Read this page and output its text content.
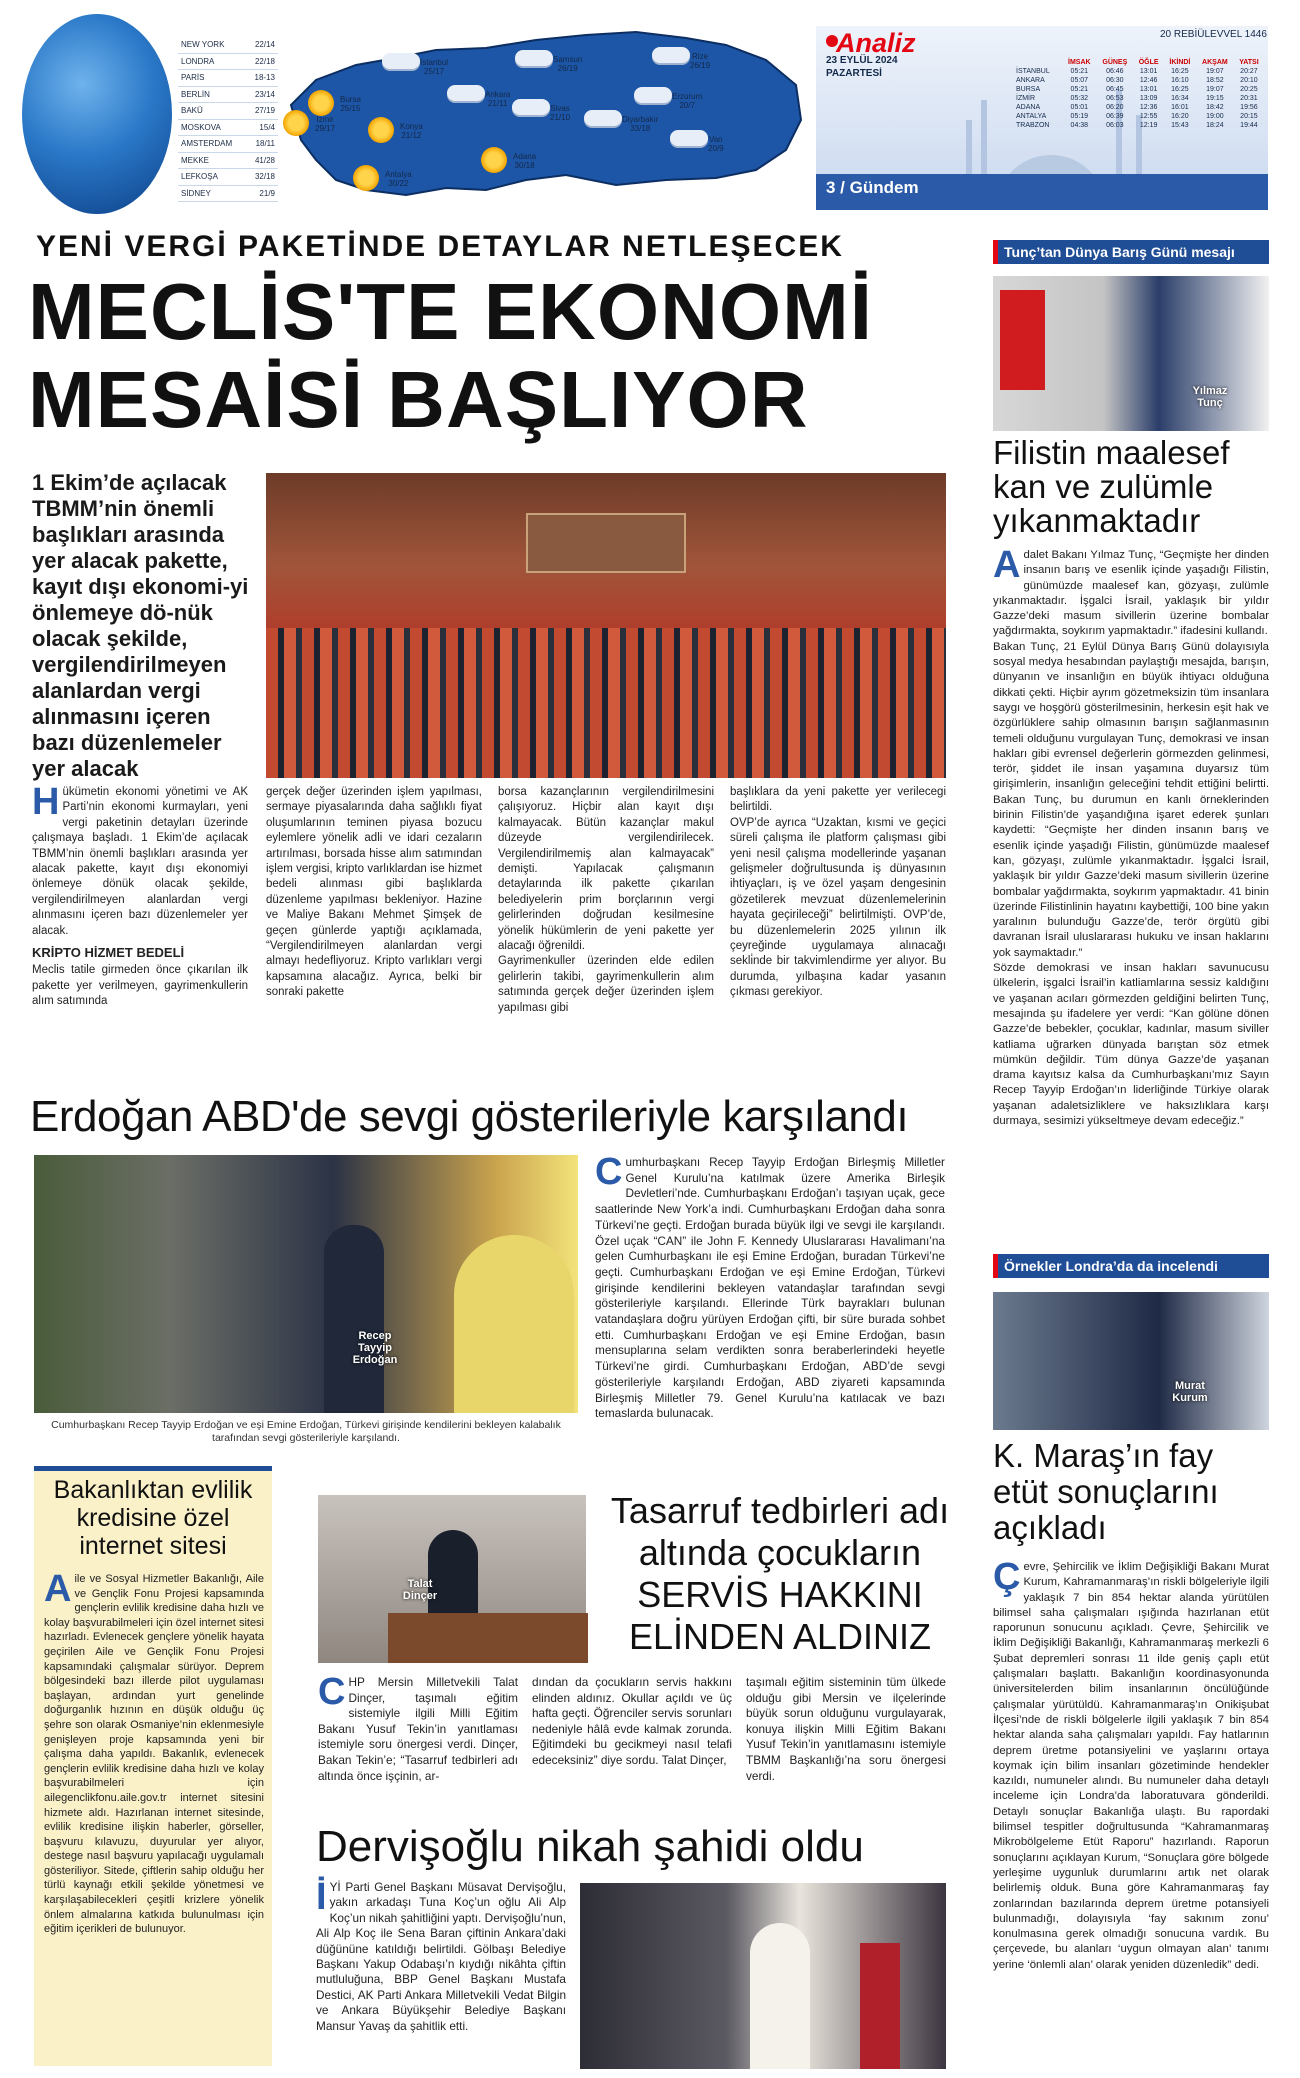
NEW YORK	22/14
LONDRA	22/18
PARİS	18-13
BERLİN	23/14
BAKÜ	27/19
MOSKOVA	15/4
AMSTERDAM	18/11
MEKKE	41/28
LEFKOŞA	32/18
SİDNEY	21/9
İstanbul
25/17
Samsun
26/19
Rize
26/19
Bursa
25/15
Ankara
21/11
Erzurum
20/7
İzmir
29/17	Konya
21/12
Sivas
21/10	Diyarbakır
33/18
Van
20/9
Antalya
30/22
Adana
30/18
Analiz
23 EYLÜL 2024
PAZARTESİ
20 REBİÜLEVVEL 1446
	İMSAK	GÜNEŞ	ÖĞLE	İKİNDİ	AKŞAM	YATSI
İSTANBUL	05:21	06:46	13:01	16:25	19:07	20:27
ANKARA	05:07	06:30	12:46	16:10	18:52	20:10
BURSA	05:21	06:45	13:01	16:25	19:07	20:25
İZMİR	05:32	06:53	13:09	16:34	19:15	20:31
ADANA	05:01	06:20	12:36	16:01	18:42	19:56
ANTALYA	05:19	06:39	12:55	16:20	19:00	20:15
TRABZON	04:38	06:03	12:19	15:43	18:24	19:44
3 / Gündem
YENİ VERGİ PAKETİNDE DETAYLAR NETLEŞECEK
MECLİS'TE EKONOMİ
MESAİSİ BAŞLIYOR
1 Ekim’de açılacak TBMM’nin önemli başlıkları arasında yer alacak pakette, kayıt dışı ekonomi-yi önlemeye dö-nük olacak şekilde, vergilendirilmeyen alanlardan vergi alınmasını içeren bazı düzenlemeler yer alacak
Hükümetin ekonomi yönetimi ve AK Parti’nin ekonomi kurmayları, yeni vergi paketinin detayları üzerinde çalışmaya başladı. 1 Ekim’de açılacak TBMM’nin önemli başlıkları arasında yer alacak pakette, kayıt dışı ekonomiyi önlemeye dönük olacak şekilde, vergilendirilmeyen alanlardan vergi alınmasını içeren bazı düzenlemeler yer alacak.
KRİPTO HİZMET BEDELİ
Meclis tatile girmeden önce çıkarılan ilk pakette yer verilmeyen, gayrimenkullerin alım satımında
gerçek değer üzerinden işlem yapılması, sermaye piyasalarında daha sağlıklı fiyat oluşumlarının teminen piyasa bozucu eylemlere yönelik adli ve idari cezaların artırılması, borsada hisse alım satımından işlem vergisi, kripto varlıklardan ise hizmet bedeli alınması gibi başlıklarda düzenleme yapılması bekleniyor. Hazine ve Maliye Bakanı Mehmet Şimşek de geçen günlerde yaptığı açıklamada, “Vergilendirilmeyen alanlardan vergi almayı hedefliyoruz. Kripto varlıkları vergi kapsamına alacağız. Ayrıca, belki bir sonraki pakette
borsa kazançlarının vergilendirilmesini çalışıyoruz. Hiçbir alan kayıt dışı kalmayacak. Bütün kazançlar makul düzeyde vergilendirilecek. Vergilendirilmemiş alan kalmayacak” demişti. Yapılacak çalışmanın detaylarında ilk pakette çıkarılan belediyelerin prim borçlarının vergi gelirlerinden doğrudan kesilmesine yönelik hükümlerin de yeni pakette yer alacağı öğrenildi.
Gayrimenkuller üzerinden elde edilen gelirlerin takibi, gayrimenkullerin alım satımında gerçek değer üzerinden işlem yapılması gibi
başlıklara da yeni pakette yer verilecegi belirtildi.
OVP’de ayrıca “Uzaktan, kısmi ve geçici süreli çalışma ile platform çalışması gibi yeni nesil çalışma modellerinde yaşanan gelişmeler doğrultusunda iş dünyasının ihtiyaçları, iş ve özel yaşam dengesinin gözetilerek mevzuat düzenlemelerinin hayata geçirileceği” belirtilmişti. OVP’de, bu düzenlemelerin 2025 yılının ilk çeyreğinde uygulamaya alınacağı sekli̇nde bir takvimlendirme yer alıyor. Bu durumda, yılbaşına kadar yasanın çıkması gerekiyor.
Tunç’tan Dünya Barış Günü mesajı
Yılmaz
Tunç
Filistin maalesef kan ve zulümle yıkanmaktadır
Adalet Bakanı Yılmaz Tunç, “Geçmişte her dinden insanın barış ve esenlik içinde yaşadığı Filistin, günümüzde maalesef kan, gözyaşı, zulümle yıkanmaktadır. İşgalci İsrail, yaklaşık bir yıldır Gazze’deki masum sivillerin üzerine bombalar yağdırmakta, soykırım yapmaktadır.” ifadesini kullandı.
Bakan Tunç, 21 Eylül Dünya Barış Günü dolayısıyla sosyal medya hesabından paylaştığı mesajda, barışın, dünyanın ve insanlığın en büyük ihtiyacı olduğuna dikkati çekti. Hiçbir ayrım gözetmeksizin tüm insanlara saygı ve hoşgörü gösterilmesinin, herkesin eşit hak ve özgürlüklere sahip olmasının barışın sağlanmasının temeli olduğunu vurgulayan Tunç, demokrasi ve insan hakları gibi evrensel değerlerin görmezden gelinmesi, terör, şiddet ile insan yaşamına duyarsız tüm girişimlerin, insanlığın geleceğini tehdit ettiğini belirtti. Bakan Tunç, bu durumun en kanlı örneklerinden birinin Filistin’de yaşandığına işaret ederek şunları kaydetti: “Geçmişte her dinden insanın barış ve esenlik içinde yaşadığı Filistin, günümüzde maalesef kan, gözyaşı, zulümle yıkanmaktadır. İşgalci İsrail, yaklaşık bir yıldır Gazze’deki masum sivillerin üzerine bombalar yağdırmakta, soykırım yapmaktadır. 41 binin üzerinde Filistinlinin hayatını kaybettiği, 100 bine yakın yaralının bulunduğu Gazze’de, terör örgütü gibi davranan İsrail uluslararası hukuku ve insan haklarını yok saymaktadır.”
Sözde demokrasi ve insan hakları savunucusu ülkelerin, işgalci İsrail’in katliamlarına sessiz kaldığını ve yaşanan acıları görmezden geldiğini belirten Tunç, mesajında şu ifadelere yer verdi: “Kan gölüne dönen Gazze’de bebekler, çocuklar, kadınlar, masum siviller katliama uğrarken dünyada barıştan söz etmek mümkün değildir. Tüm dünya Gazze’de yaşanan drama kayıtsız kalsa da Cumhurbaşkanı’mız Sayın Recep Tayyip Erdoğan’ın liderliğinde Türkiye olarak yaşanan adaletsizliklere ve haksızlıklara karşı durmaya, sesimizi yükseltmeye devam edeceğiz.”
Erdoğan ABD'de sevgi gösterileriyle karşılandı
Recep
Tayyip
Erdoğan
Cumhurbaşkanı Recep Tayyip Erdoğan ve eşi Emine Erdoğan, Türkevi girişinde kendilerini bekleyen kalabalık tarafından sevgi gösterileriyle karşılandı.
Cumhurbaşkanı Recep Tayyip Erdoğan Birleşmiş Milletler Genel Kurulu’na katılmak üzere Amerika Birleşik Devletleri’nde. Cumhurbaşkanı Erdoğan’ı taşıyan uçak, gece saatlerinde New York’a indi. Cumhurbaşkanı Erdoğan daha sonra Türkevi’ne geçti. Erdoğan burada büyük ilgi ve sevgi ile karşılandı. Özel uçak “CAN” ile John F. Kennedy Uluslararası Havalimanı’na gelen Cumhurbaşkanı ile eşi Emine Erdoğan, buradan Türkevi’ne geçti. Cumhurbaşkanı Erdoğan ve eşi Emine Erdoğan, Türkevi girişinde kendilerini bekleyen vatandaşlar tarafından sevgi gösterileriyle karşılandı. Ellerinde Türk bayrakları bulunan vatandaşlara doğru yürüyen Erdoğan çifti, bir süre burada sohbet etti. Cumhurbaşkanı Erdoğan ve eşi Emine Erdoğan, basın mensuplarına selam verdikten sonra beraberlerindeki heyetle Türkevi’ne girdi. Cumhurbaşkanı Erdoğan, ABD’de sevgi gösterileriyle karşılandı Erdoğan, ABD ziyareti kapsamında Birleşmiş Milletler 79. Genel Kurulu’na katılacak ve bazı temaslarda bulunacak.
Örnekler Londra’da da incelendi
Murat
Kurum
K. Maraş’ın fay etüt sonuçlarını açıkladı
Çevre, Şehircilik ve İklim Değişikliği Bakanı Murat Kurum, Kahramanmaraş’ın riskli bölgeleriyle ilgili yaklaşık 7 bin 854 hektar alanda yürütülen bilimsel saha çalışmaları ışığında hazırlanan etüt raporunun sonucunu açıkladı. Çevre, Şehircilik ve İklim Değişikliği Bakanlığı, Kahramanmaraş merkezli 6 Şubat depremleri sonrası 11 ilde geniş çaplı etüt çalışmaları başlattı. Bakanlığın koordinasyonunda üniversitelerden bilim insanlarının öncülüğünde çalışmalar yürütüldü. Kahramanmaraş’ın Onikişubat İlçesi’nde de riskli bölgelerle ilgili yaklaşık 7 bin 854 hektar alanda saha çalışmaları yapıldı. Fay hatlarının deprem üretme potansiyelini ve yaşlarını ortaya koymak için bilim insanları gözetiminde hendekler kazıldı, numuneler alındı. Bu numuneler daha detaylı inceleme için Londra’da laboratuvara gönderildi. Detaylı sonuçlar Bakanlığa ulaştı. Bu rapordaki bilimsel tespitler doğrultusunda “Kahramanmaraş Mikrobölgeleme Etüt Raporu” hazırlandı. Raporun sonuçlarını açıklayan Kurum, “Sonuçlara göre bölgede yerleşime uygunluk durumlarını artık net olarak belirlemiş olduk. Buna göre Kahramanmaraş fay zonlarından bazılarında deprem üretme potansiyeli bulunmadığı, dolayısıyla ‘fay sakınım zonu’ konulmasına gerek olmadığı sonucuna vardık. Bu çerçevede, bu alanları ‘uygun olmayan alan’ tanımı yerine ‘önlemli alan’ olarak yeniden düzenledik” dedi.
Bakanlıktan evlilik kredisine özel internet sitesi
Aile ve Sosyal Hizmetler Bakanlığı, Aile ve Gençlik Fonu Projesi kapsamında gençlerin evlilik kredisine daha hızlı ve kolay başvurabilmeleri için özel internet sitesi hazırladı. Evlenecek gençlere yönelik hayata geçirilen Aile ve Gençlik Fonu Projesi kapsamındaki çalışmalar sürüyor. Deprem bölgesindeki bazı illerde pilot uygulaması başlayan, ardından yurt genelinde doğurganlık hızının en düşük olduğu üç şehre son olarak Osmaniye’nin eklenmesiyle genişleyen proje kapsamında yeni bir çalışma daha yapıldı. Bakanlık, evlenecek gençlerin evlilik kredisine daha hızlı ve kolay başvurabilmeleri için ailegenclikfonu.aile.gov.tr internet sitesini hizmete aldı. Hazırlanan internet sitesinde, evlilik kredisine ilişkin haberler, görseller, başvuru kılavuzu, duyurular yer alıyor, destege nasıl başvuru yapılacağı uygulamalı gösteriliyor. Sitede, çiftlerin sahip olduğu her türlü kaynağı etkili şekilde yönetmesi ve karşılaşabilecekleri çeşitli krizlere yönelik önlem almalarına katkıda bulunulması için eğitim içerikleri de bulunuyor.
Talat
Dinçer
Tasarruf tedbirleri adı altında çocukların SERVİS HAKKINI ELİNDEN ALDINIZ
CHP Mersin Milletvekili Talat Dinçer, taşımalı eğitim sistemiyle ilgili Milli Eğitim Bakanı Yusuf Tekin’in yanıtlaması istemiyle soru önergesi verdi. Dinçer, Bakan Tekin’e; “Tasarruf tedbirleri adı altında önce işçinin, ar-
dından da çocukların servis hakkını elinden aldınız. Okullar açıldı ve üç hafta geçti. Öğrenciler servis sorunları nedeniyle hâlâ evde kalmak zorunda. Eğitimdeki bu gecikmeyi nasıl telafi edeceksiniz” diye sordu. Talat Dinçer,
taşımalı eğitim sisteminin tüm ülkede olduğu gibi Mersin ve ilçelerinde büyük sorun olduğunu vurgulayarak, konuya ilişkin Milli Eğitim Bakanı Yusuf Tekin’in yanıtlamasını istemiyle TBMM Başkanlığı’na soru önergesi verdi.
Dervişoğlu nikah şahidi oldu
İYİ Parti Genel Başkanı Müsavat Dervişoğlu, yakın arkadaşı Tuna Koç’un oğlu Ali Alp Koç’un nikah şahitliğini yaptı. Dervişoğlu’nun, Ali Alp Koç ile Sena Baran çiftinin Ankara’daki düğününe katıldığı belirtildi. Gölbaşı Belediye Başkanı Yakup Odabaşı’n kıydığı nikâhta çiftin mutluluğuna, BBP Genel Başkanı Mustafa Destici, AK Parti Ankara Milletvekili Vedat Bilgin ve Ankara Büyükşehir Belediye Başkanı Mansur Yavaş da şahitlik etti.
